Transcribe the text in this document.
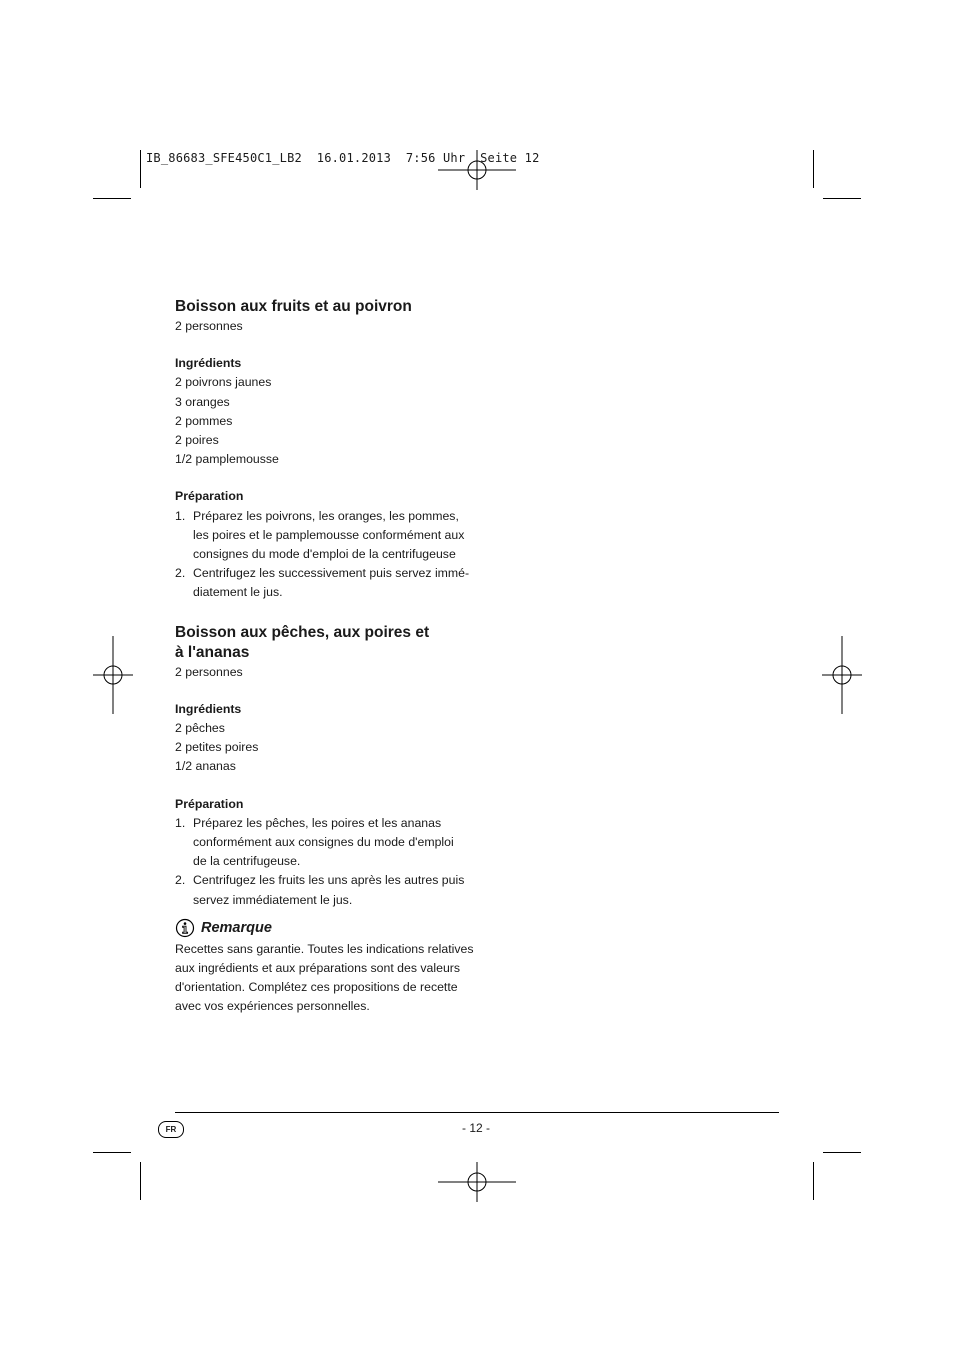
IB_86683_SFE450C1_LB2  16.01.2013  7:56 Uhr  Seite 12
Boisson aux fruits et au poivron
2 personnes
Ingrédients
2 poivrons jaunes
3 oranges
2 pommes
2 poires
1/2 pamplemousse
Préparation
1. Préparez les poivrons, les oranges, les pommes,
les poires et le pamplemousse conformément aux
consignes du mode d'emploi de la centrifugeuse
2. Centrifugez les successivement puis servez immé-
diatement le jus.
Boisson aux pêches, aux poires et
à l'ananas
2 personnes
Ingrédients
2 pêches
2 petites poires
1/2 ananas
Préparation
1. Préparez les pêches, les poires et les ananas
conformément aux consignes du mode d'emploi
de la centrifugeuse.
2. Centrifugez les fruits les uns après les autres puis
servez immédiatement le jus.
Remarque
Recettes sans garantie. Toutes les indications relatives
aux ingrédients et aux préparations sont des valeurs
d'orientation. Complétez ces propositions de recette
avec vos expériences personnelles.
FR	- 12 -
